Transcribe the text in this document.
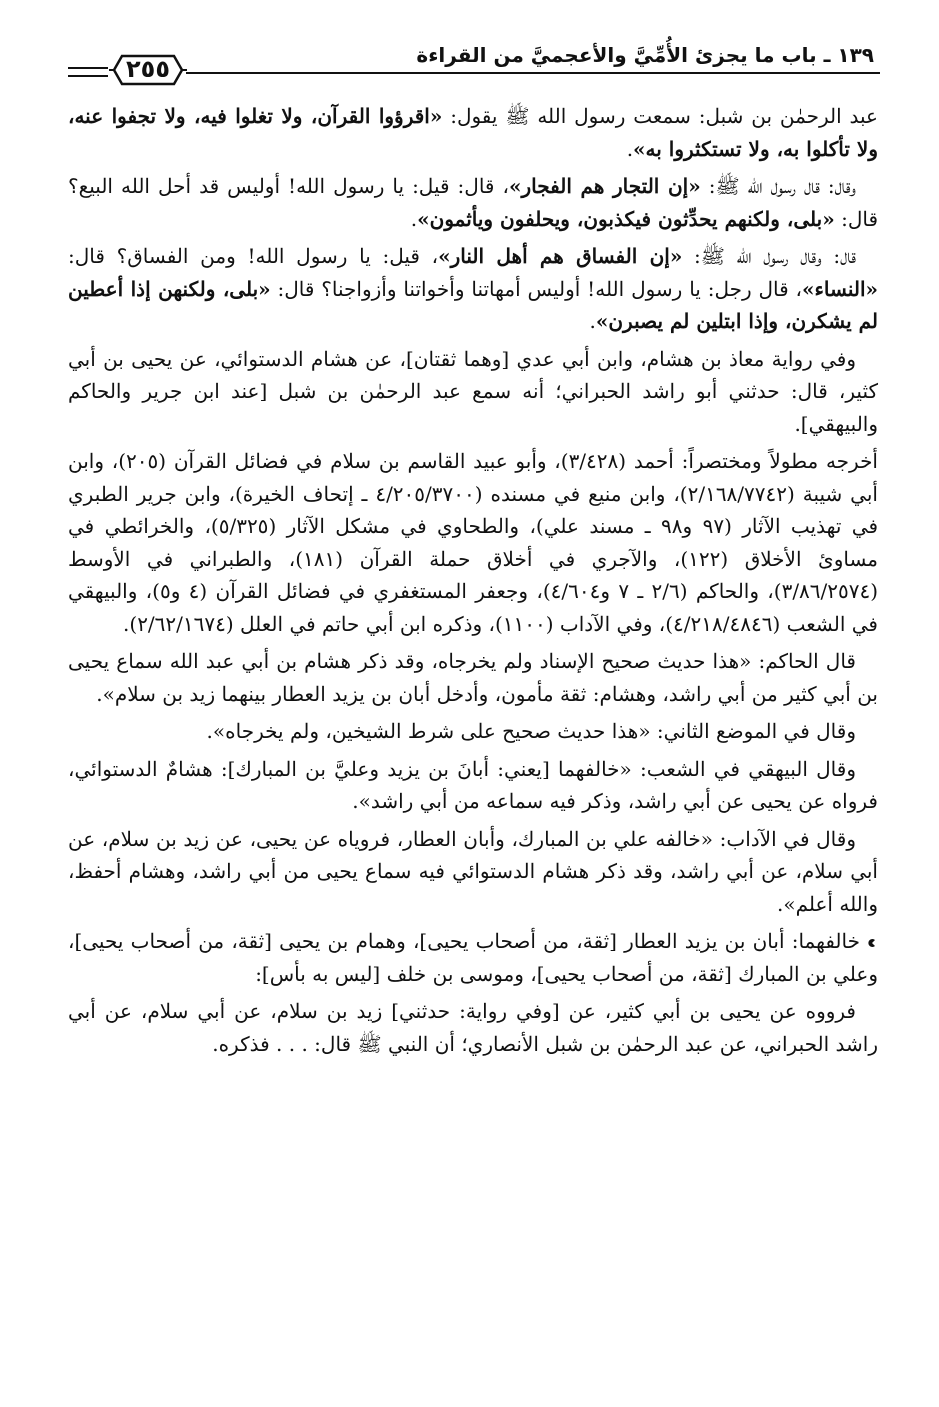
١٣٩ ـ باب ما يجزئ الأُمِّيَّ والأعجميَّ من القراءة
٢٥٥

عبد الرحمٰن بن شبل: سمعت رسول الله ﷺ يقول: «اقرؤوا القرآن، ولا تغلوا فيه، ولا تجفوا عنه، ولا تأكلوا به، ولا تستكثروا به».

وقال: قال رسول الله ﷺ: «إن التجار هم الفجار»، قال: قيل: يا رسول الله! أوليس قد أحل الله البيع؟ قال: «بلى، ولكنهم يحدِّثون فيكذبون، ويحلفون ويأثمون».

قال: وقال رسول الله ﷺ: «إن الفساق هم أهل النار»، قيل: يا رسول الله! ومن الفساق؟ قال: «النساء»، قال رجل: يا رسول الله! أوليس أمهاتنا وأخواتنا وأزواجنا؟ قال: «بلى، ولكنهن إذا أعطين لم يشكرن، وإذا ابتلين لم يصبرن».

وفي رواية معاذ بن هشام، وابن أبي عدي [وهما ثقتان]، عن هشام الدستوائي، عن يحيى بن أبي كثير، قال: حدثني أبو راشد الحبراني؛ أنه سمع عبد الرحمٰن بن شبل [عند ابن جرير والحاكم والبيهقي].

أخرجه مطولاً ومختصراً: أحمد (٣/٤٢٨)، وأبو عبيد القاسم بن سلام في فضائل القرآن (٢٠٥)، وابن أبي شيبة (٢/١٦٨/٧٧٤٢)، وابن منيع في مسنده (٤/٢٠٥/٣٧٠٠ ـ إتحاف الخيرة)، وابن جرير الطبري في تهذيب الآثار (٩٧ و٩٨ ـ مسند علي)، والطحاوي في مشكل الآثار (٥/٣٢٥)، والخرائطي في مساوئ الأخلاق (١٢٢)، والآجري في أخلاق حملة القرآن (١٨١)، والطبراني في الأوسط (٣/٨٦/٢٥٧٤)، والحاكم (٢/٦ ـ ٧ و٤/٦٠٤)، وجعفر المستغفري في فضائل القرآن (٤ و٥)، والبيهقي في الشعب (٤/٢١٨/٤٨٤٦)، وفي الآداب (١١٠٠)، وذكره ابن أبي حاتم في العلل (٢/٦٢/١٦٧٤).

قال الحاكم: «هذا حديث صحيح الإسناد ولم يخرجاه، وقد ذكر هشام بن أبي عبد الله سماع يحيى بن أبي كثير من أبي راشد، وهشام: ثقة مأمون، وأدخل أبان بن يزيد العطار بينهما زيد بن سلام».

وقال في الموضع الثاني: «هذا حديث صحيح على شرط الشيخين، ولم يخرجاه».

وقال البيهقي في الشعب: «خالفهما [يعني: أبانَ بن يزيد وعليَّ بن المبارك]: هشامٌ الدستوائي، فرواه عن يحيى عن أبي راشد، وذكر فيه سماعه من أبي راشد».

وقال في الآداب: «خالفه علي بن المبارك، وأبان العطار، فروياه عن يحيى، عن زيد بن سلام، عن أبي سلام، عن أبي راشد، وقد ذكر هشام الدستوائي فيه سماع يحيى من أبي راشد، وهشام أحفظ، والله أعلم».

خالفهما: أبان بن يزيد العطار [ثقة، من أصحاب يحيى]، وهمام بن يحيى [ثقة، من أصحاب يحيى]، وعلي بن المبارك [ثقة، من أصحاب يحيى]، وموسى بن خلف [ليس به بأس]:

فرووه عن يحيى بن أبي كثير، عن [وفي رواية: حدثني] زيد بن سلام، عن أبي سلام، عن أبي راشد الحبراني، عن عبد الرحمٰن بن شبل الأنصاري؛ أن النبي ﷺ قال: . . . فذكره.
